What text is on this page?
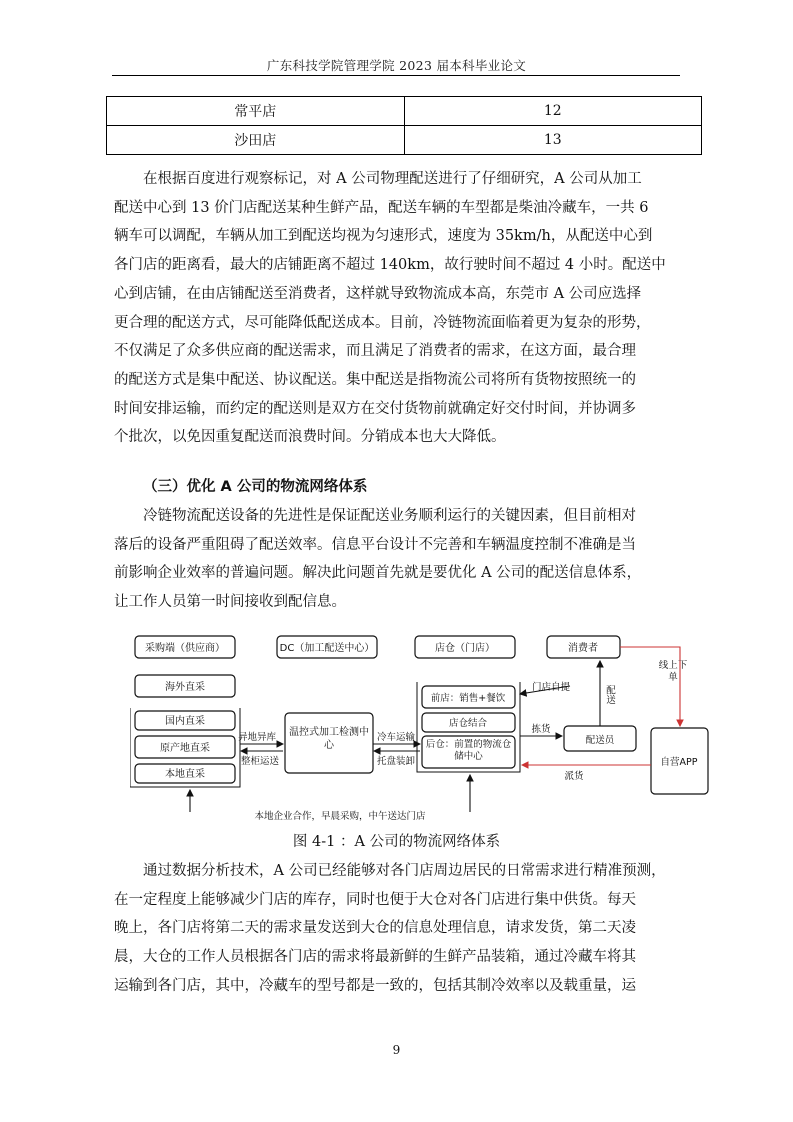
广东科技学院管理学院 2023 届本科毕业论文
常平店	12
沙田店	13
在根据百度进行观察标记，对 A 公司物理配送进行了仔细研究，A 公司从加工
配送中心到 13 价门店配送某种生鲜产品，配送车辆的车型都是柴油冷藏车，一共 6
辆车可以调配，车辆从加工到配送均视为匀速形式，速度为 35km/h，从配送中心到
各门店的距离看，最大的店铺距离不超过 140km，故行驶时间不超过 4 小时。配送中
心到店铺，在由店铺配送至消费者，这样就导致物流成本高，东莞市 A 公司应选择
更合理的配送方式，尽可能降低配送成本。目前，冷链物流面临着更为复杂的形势，
不仅满足了众多供应商的配送需求，而且满足了消费者的需求，在这方面，最合理
的配送方式是集中配送、协议配送。集中配送是指物流公司将所有货物按照统一的
时间安排运输，而约定的配送则是双方在交付货物前就确定好交付时间，并协调多
个批次，以免因重复配送而浪费时间。分销成本也大大降低。
（三）优化 A 公司的物流网络体系
冷链物流配送设备的先进性是保证配送业务顺利运行的关键因素，但目前相对
落后的设备严重阻碍了配送效率。信息平台设计不完善和车辆温度控制不准确是当
前影响企业效率的普遍问题。解决此问题首先就是要优化 A 公司的配送信息体系，
让工作人员第一时间接收到配信息。
采购端（供应商）	DC（加工配送中心）	店仓（门店）	消费者
海外直采
国内直采
原产地直采
本地直采
异地异库
整柜运送
温控式加工检测中心
冷车运输
托盘装卸
前店：销售+餐饮
店仓结合
后仓：前置的物流仓储中心
门店自提
拣货
配送员
配送
线上下单
自营APP
派货
本地企业合作，早晨采购，中午送达门店
图 4-1 ：A 公司的物流网络体系
通过数据分析技术，A 公司已经能够对各门店周边居民的日常需求进行精准预测，
在一定程度上能够减少门店的库存，同时也便于大仓对各门店进行集中供货。每天
晚上，各门店将第二天的需求量发送到大仓的信息处理信息，请求发货，第二天凌
晨，大仓的工作人员根据各门店的需求将最新鲜的生鲜产品装箱，通过冷藏车将其
运输到各门店，其中，冷藏车的型号都是一致的，包括其制冷效率以及载重量，运
9
